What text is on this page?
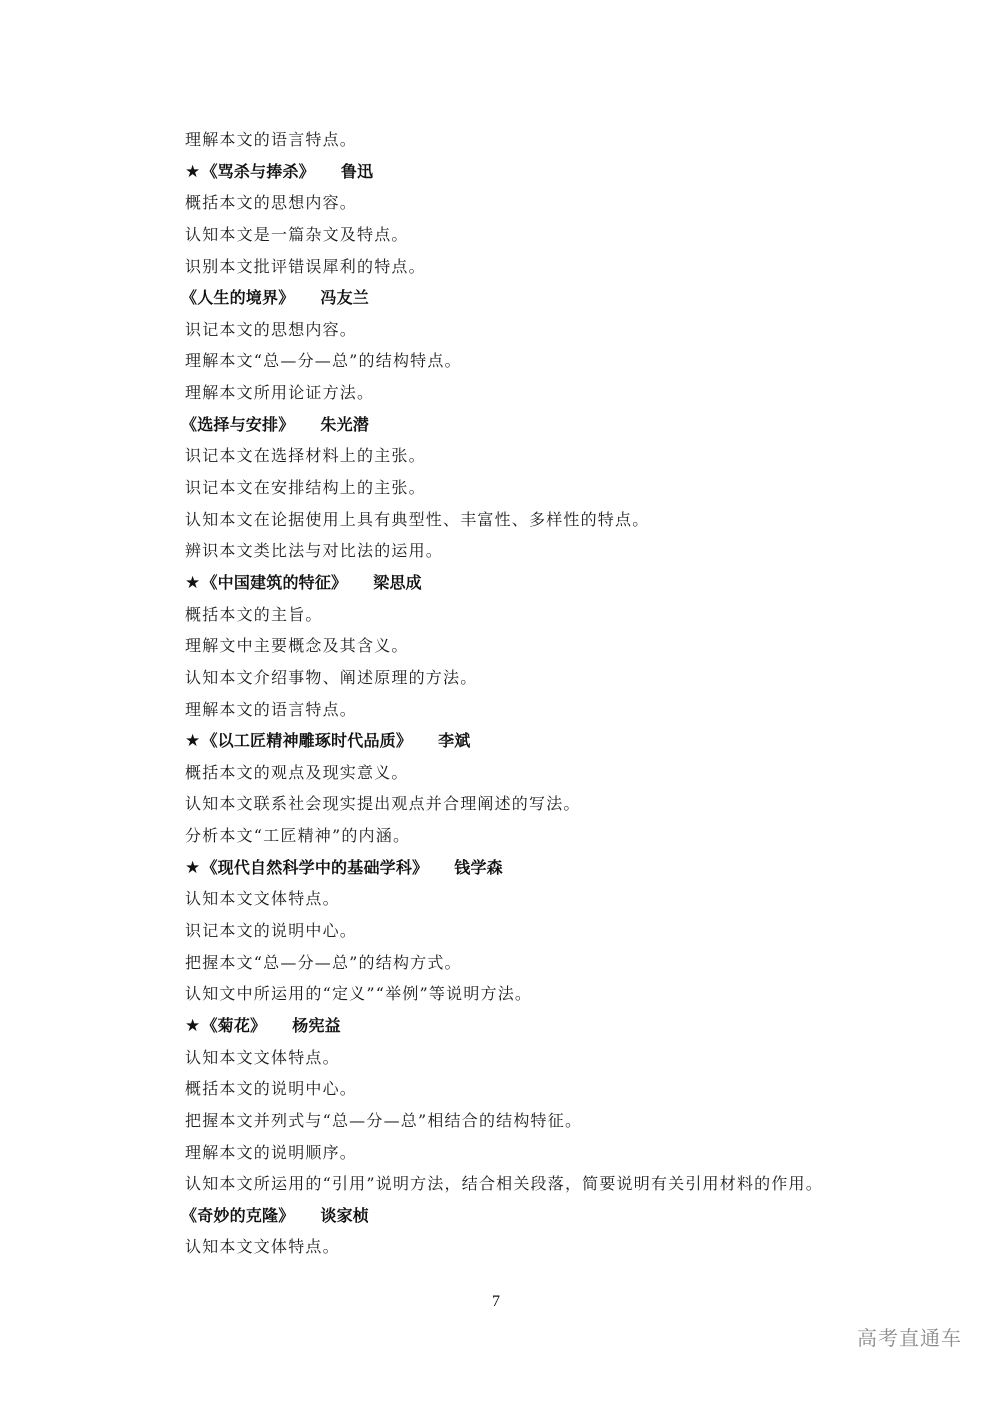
理解本文的语言特点。
★《骂杀与捧杀》 鲁迅
概括本文的思想内容。
认知本文是一篇杂文及特点。
识别本文批评错误犀利的特点。
《人生的境界》 冯友兰
识记本文的思想内容。
理解本文“总—分—总”的结构特点。
理解本文所用论证方法。
《选择与安排》 朱光潜
识记本文在选择材料上的主张。
识记本文在安排结构上的主张。
认知本文在论据使用上具有典型性、丰富性、多样性的特点。
辨识本文类比法与对比法的运用。
★《中国建筑的特征》 梁思成
概括本文的主旨。
理解文中主要概念及其含义。
认知本文介绍事物、阐述原理的方法。
理解本文的语言特点。
★《以工匠精神雕琢时代品质》 李斌
概括本文的观点及现实意义。
认知本文联系社会现实提出观点并合理阐述的写法。
分析本文“工匠精神”的内涵。
★《现代自然科学中的基础学科》 钱学森
认知本文文体特点。
识记本文的说明中心。
把握本文“总—分—总”的结构方式。
认知文中所运用的“定义”“举例”等说明方法。
★《菊花》 杨宪益
认知本文文体特点。
概括本文的说明中心。
把握本文并列式与“总—分—总”相结合的结构特征。
理解本文的说明顺序。
认知本文所运用的“引用”说明方法，结合相关段落，简要说明有关引用材料的作用。
《奇妙的克隆》 谈家桢
认知本文文体特点。
7
高考直通车
